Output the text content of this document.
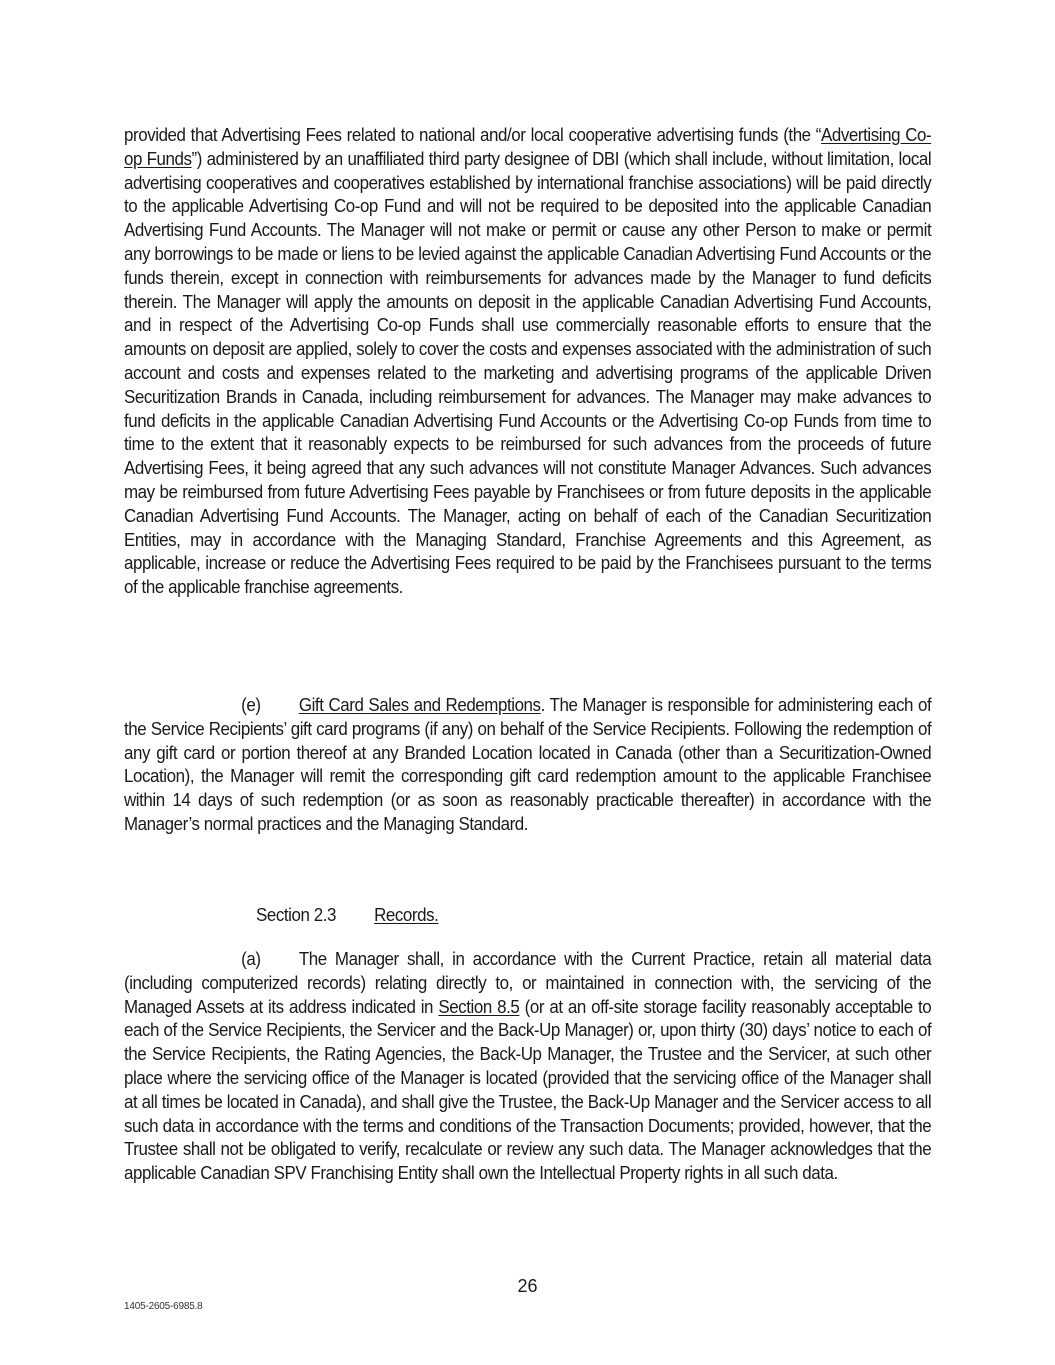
provided that Advertising Fees related to national and/or local cooperative advertising funds (the “Advertising Co-op Funds”) administered by an unaffiliated third party designee of DBI (which shall include, without limitation, local advertising cooperatives and cooperatives established by international franchise associations) will be paid directly to the applicable Advertising Co-op Fund and will not be required to be deposited into the applicable Canadian Advertising Fund Accounts. The Manager will not make or permit or cause any other Person to make or permit any borrowings to be made or liens to be levied against the applicable Canadian Advertising Fund Accounts or the funds therein, except in connection with reimbursements for advances made by the Manager to fund deficits therein. The Manager will apply the amounts on deposit in the applicable Canadian Advertising Fund Accounts, and in respect of the Advertising Co-op Funds shall use commercially reasonable efforts to ensure that the amounts on deposit are applied, solely to cover the costs and expenses associated with the administration of such account and costs and expenses related to the marketing and advertising programs of the applicable Driven Securitization Brands in Canada, including reimbursement for advances. The Manager may make advances to fund deficits in the applicable Canadian Advertising Fund Accounts or the Advertising Co-op Funds from time to time to the extent that it reasonably expects to be reimbursed for such advances from the proceeds of future Advertising Fees, it being agreed that any such advances will not constitute Manager Advances. Such advances may be reimbursed from future Advertising Fees payable by Franchisees or from future deposits in the applicable Canadian Advertising Fund Accounts. The Manager, acting on behalf of each of the Canadian Securitization Entities, may in accordance with the Managing Standard, Franchise Agreements and this Agreement, as applicable, increase or reduce the Advertising Fees required to be paid by the Franchisees pursuant to the terms of the applicable franchise agreements.

(e) Gift Card Sales and Redemptions. The Manager is responsible for administering each of the Service Recipients’ gift card programs (if any) on behalf of the Service Recipients. Following the redemption of any gift card or portion thereof at any Branded Location located in Canada (other than a Securitization-Owned Location), the Manager will remit the corresponding gift card redemption amount to the applicable Franchisee within 14 days of such redemption (or as soon as reasonably practicable thereafter) in accordance with the Manager’s normal practices and the Managing Standard.

Section 2.3 Records.

(a) The Manager shall, in accordance with the Current Practice, retain all material data (including computerized records) relating directly to, or maintained in connection with, the servicing of the Managed Assets at its address indicated in Section 8.5 (or at an off-site storage facility reasonably acceptable to each of the Service Recipients, the Servicer and the Back-Up Manager) or, upon thirty (30) days’ notice to each of the Service Recipients, the Rating Agencies, the Back-Up Manager, the Trustee and the Servicer, at such other place where the servicing office of the Manager is located (provided that the servicing office of the Manager shall at all times be located in Canada), and shall give the Trustee, the Back-Up Manager and the Servicer access to all such data in accordance with the terms and conditions of the Transaction Documents; provided, however, that the Trustee shall not be obligated to verify, recalculate or review any such data. The Manager acknowledges that the applicable Canadian SPV Franchising Entity shall own the Intellectual Property rights in all such data.

26
1405-2605-6985.8
